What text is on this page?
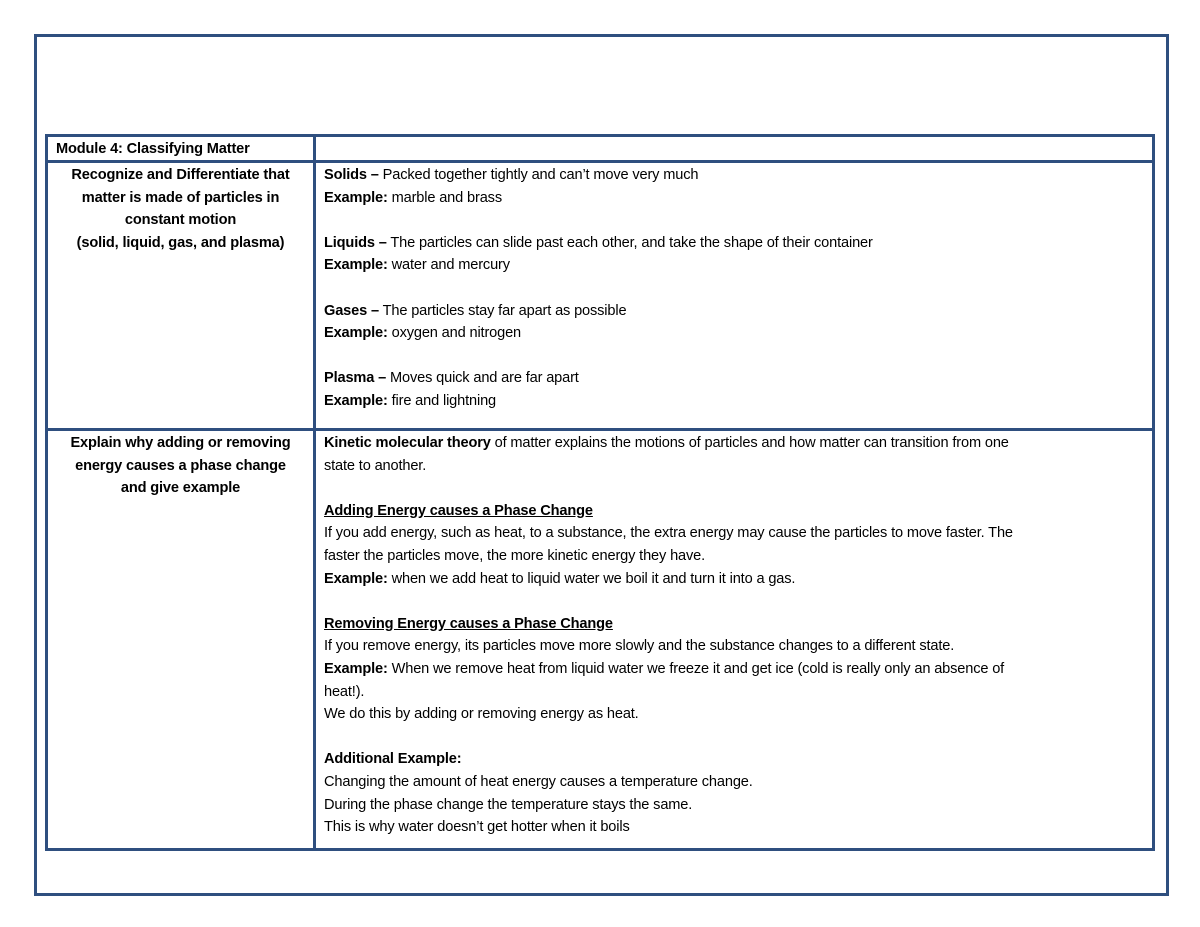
Module 4: Classifying Matter

Recognize and Differentiate that

matter is made of particles in

constant motion

(solid, liquid, gas, and plasma)

Solids – Packed together tightly and can’t move very much

Example: marble and brass

Liquids – The particles can slide past each other, and take the shape of their container

Example: water and mercury

Gases – The particles stay far apart as possible

Example: oxygen and nitrogen

Plasma – Moves quick and are far apart

Example: fire and lightning

Explain why adding or removing

energy causes a phase change

and give example

Kinetic molecular theory of matter explains the motions of particles and how matter can transition from one

state to another.

Adding Energy causes a Phase Change

If you add energy, such as heat, to a substance, the extra energy may cause the particles to move faster. The

faster the particles move, the more kinetic energy they have.

Example: when we add heat to liquid water we boil it and turn it into a gas.

Removing Energy causes a Phase Change

If you remove energy, its particles move more slowly and the substance changes to a different state.

Example: When we remove heat from liquid water we freeze it and get ice (cold is really only an absence of

heat!).

We do this by adding or removing energy as heat.

Additional Example:

Changing the amount of heat energy causes a temperature change.

During the phase change the temperature stays the same.

This is why water doesn’t get hotter when it boils
